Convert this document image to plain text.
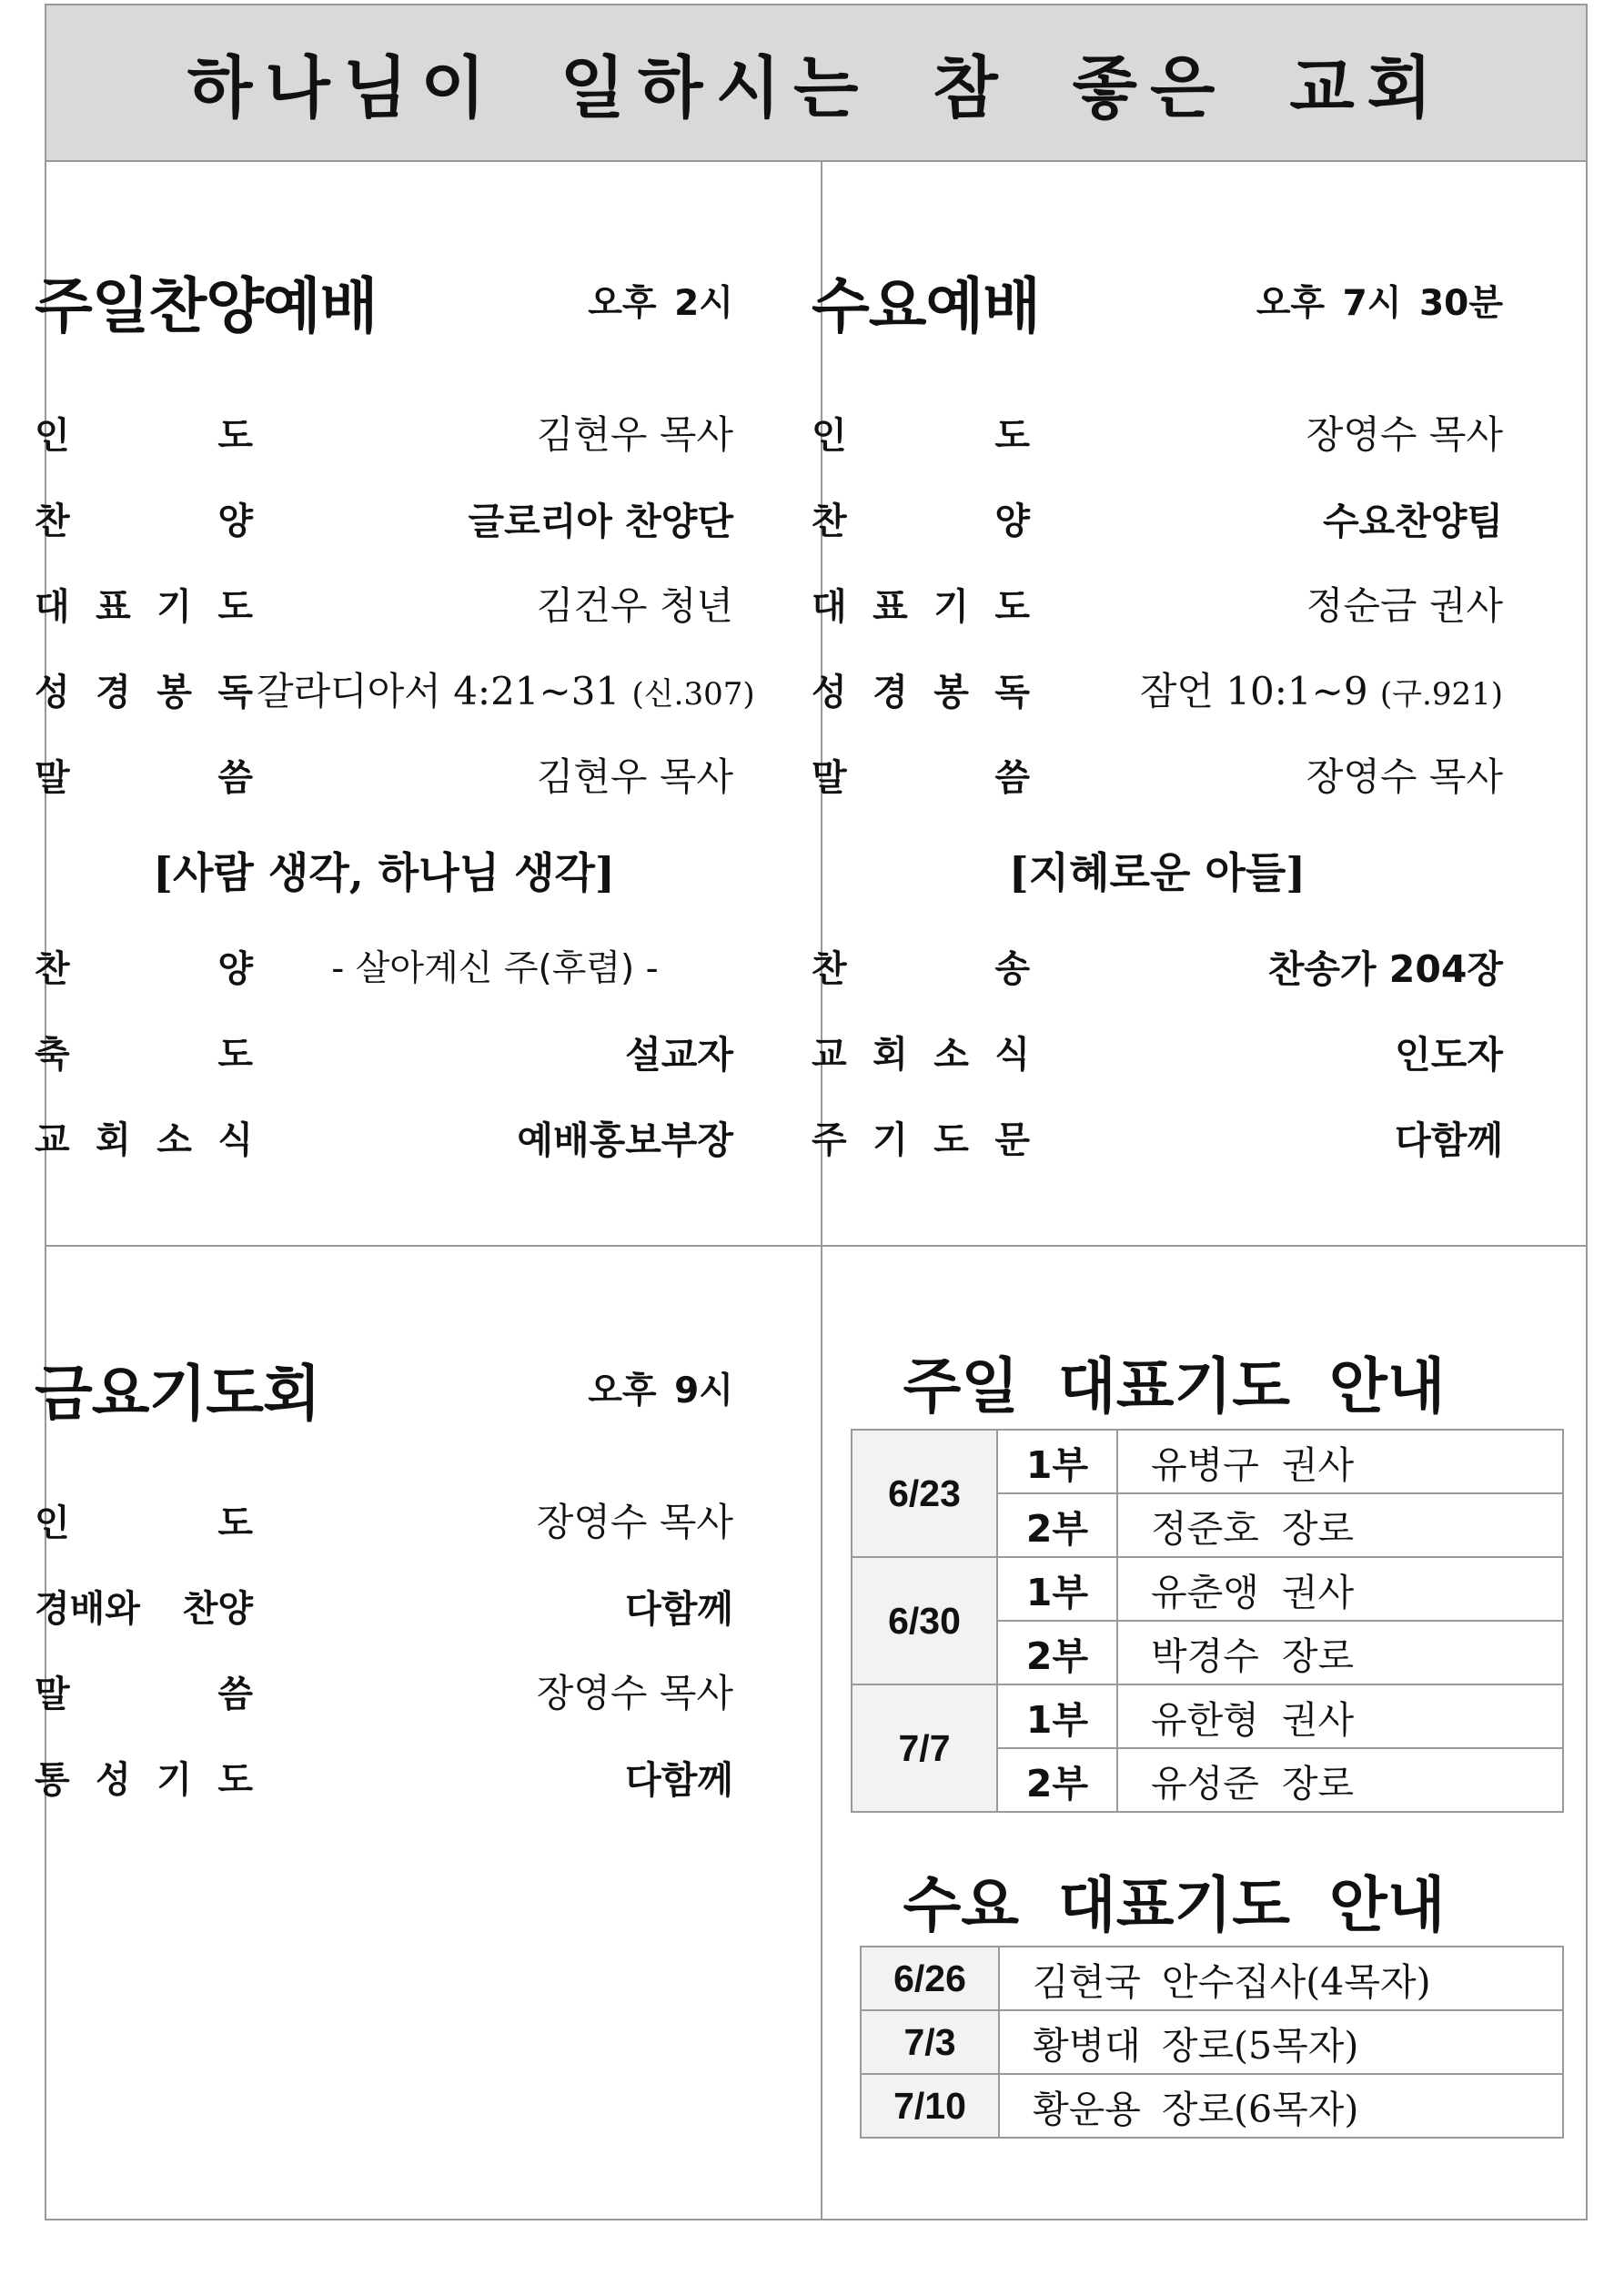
하나님이 일하시는 참 좋은 교회
주일찬양예배	오후 2시
인	도	김현우 목사
찬	양	글로리아 찬양단
대 표 기 도	김건우 청년
성 경 봉 독 갈라디아서 4:21~31 (신.307)
말	씀	김현우 목사
[사람 생각, 하나님 생각]
찬	양	- 살아계신 주(후렴) -
축	도	설교자
교 회 소 식	예배홍보부장
수요예배	오후 7시 30분
인	도	장영수 목사
찬	양	수요찬양팀
대 표 기 도	정순금 권사
성 경 봉 독	잠언 10:1~9 (구.921)
말	씀	장영수 목사
[지혜로운 아들]
찬	송	찬송가 204장
교 회 소 식	인도자
주 기 도 문	다함께
금요기도회	오후 9시
인	도	장영수 목사
경배와 찬양	다함께
말	씀	장영수 목사
통 성 기 도	다함께
주일 대표기도 안내
6/23	1부	유병구 권사
	2부	정준호 장로
6/30	1부	유춘앵 권사
	2부	박경수 장로
7/7	1부	유한형 권사
	2부	유성준 장로
수요 대표기도 안내
6/26	김현국 안수집사(4목자)
7/3	황병대 장로(5목자)
7/10	황운용 장로(6목자)
